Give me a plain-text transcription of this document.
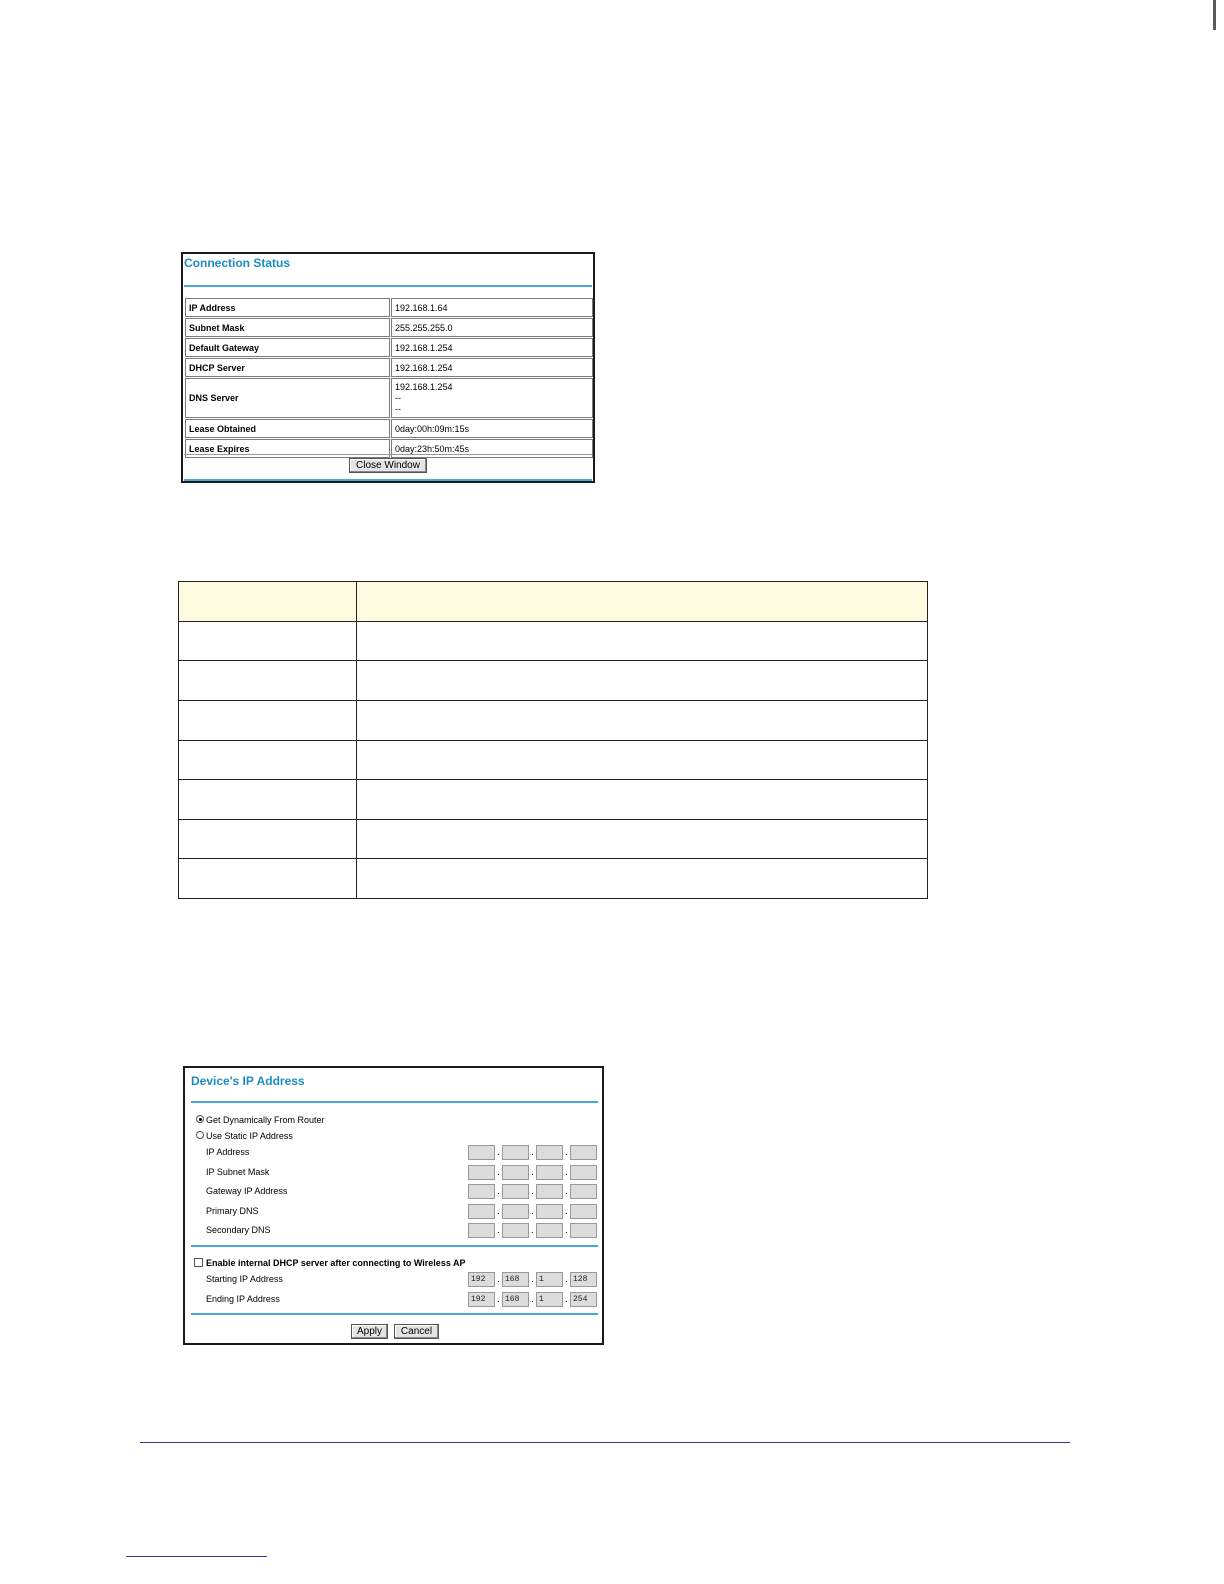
Connection Status
IP Address	192.168.1.64
Subnet Mask	255.255.255.0
Default Gateway	192.168.1.254
DHCP Server	192.168.1.254
DNS Server	192.168.1.254
--
--

Lease Obtained	0day:00h:09m:15s
Lease Expires	0day:23h:50m:45s
Close Window

Device's IP Address
Get Dynamically From Router
Use Static IP Address
IP Address	.	.	.
IP Subnet Mask	.	.	.
Gateway IP Address	.	.	.
Primary DNS	.	.	.
Secondary DNS	.	.	.
Enable internal DHCP server after connecting to Wireless AP
Starting IP Address	192	. 168	. 1	. 128
Ending IP Address	192	. 168	. 1	. 254
Apply	Cancel
